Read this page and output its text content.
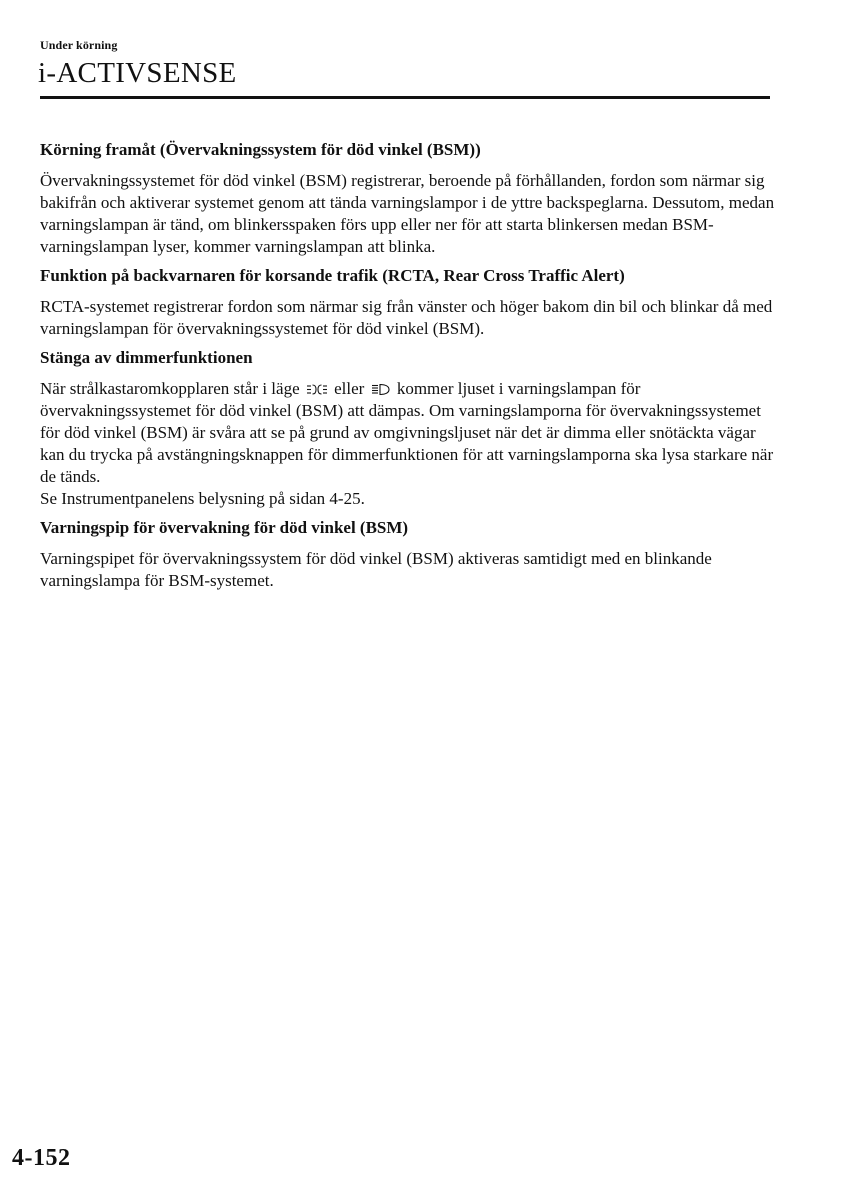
Under körning
i-ACTIVSENSE
Körning framåt (Övervakningssystem för död vinkel (BSM))

Övervakningssystemet för död vinkel (BSM) registrerar, beroende på förhållanden, fordon som närmar sig bakifrån och aktiverar systemet genom att tända varningslampor i de yttre backspeglarna. Dessutom, medan varningslampan är tänd, om blinkersspaken förs upp eller ner för att starta blinkersen medan BSM-varningslampan lyser, kommer varningslampan att blinka.

Funktion på backvarnaren för korsande trafik (RCTA, Rear Cross Traffic Alert)

RCTA-systemet registrerar fordon som närmar sig från vänster och höger bakom din bil och blinkar då med varningslampan för övervakningssystemet för död vinkel (BSM).

Stänga av dimmerfunktionen

När strålkastaromkopplaren står i läge eller kommer ljuset i varningslampan för övervakningssystemet för död vinkel (BSM) att dämpas. Om varningslamporna för övervakningssystemet för död vinkel (BSM) är svåra att se på grund av omgivningsljuset när det är dimma eller snötäckta vägar kan du trycka på avstängningsknappen för dimmerfunktionen för att varningslamporna ska lysa starkare när de tänds.

Se Instrumentpanelens belysning på sidan 4-25.

Varningspip för övervakning för död vinkel (BSM)

Varningspipet för övervakningssystem för död vinkel (BSM) aktiveras samtidigt med en blinkande varningslampa för BSM-systemet.

4-152
